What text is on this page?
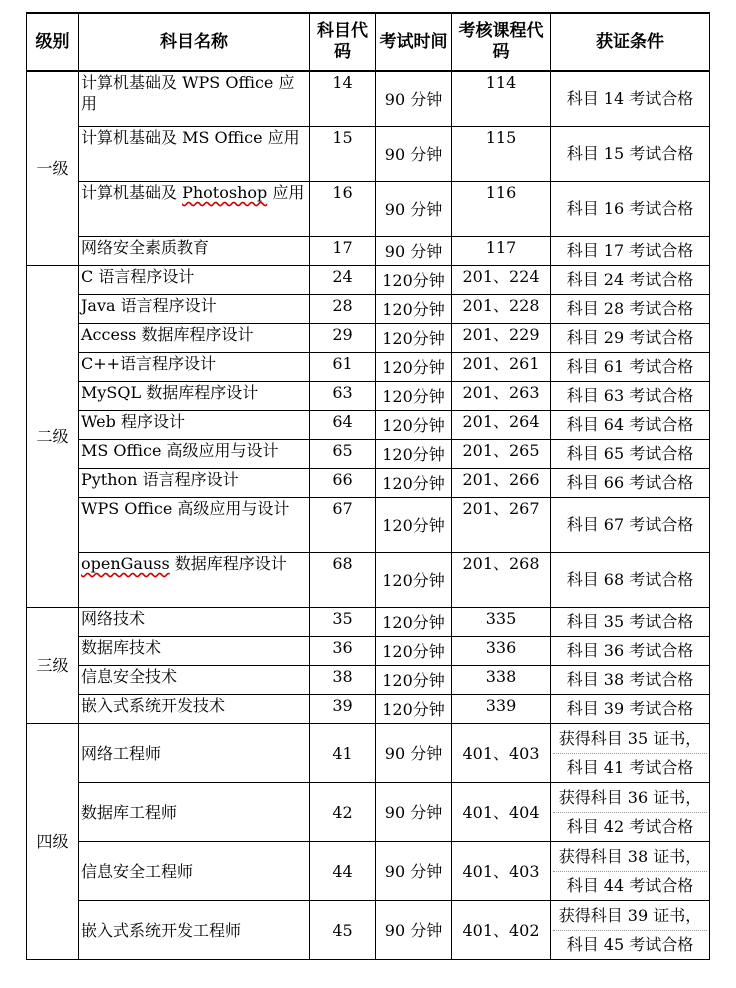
级别	科目名称	科目代码	考试时间	考核课程代码	获证条件
一级	计算机基础及 WPS Office 应用	14	90 分钟	114	科目 14 考试合格

	计算机基础及 MS Office 应用	15	90 分钟	115	科目 15 考试合格

	计算机基础及 Photoshop 应用	16	90 分钟	116	科目 16 考试合格

	网络安全素质教育	17	90 分钟	117	科目 17 考试合格

二级	C 语言程序设计	24	120分钟	201、224	科目 24 考试合格

	Java 语言程序设计	28	120分钟	201、228	科目 28 考试合格

	Access 数据库程序设计	29	120分钟	201、229	科目 29 考试合格

	C++语言程序设计	61	120分钟	201、261	科目 61 考试合格

	MySQL 数据库程序设计	63	120分钟	201、263	科目 63 考试合格

	Web 程序设计	64	120分钟	201、264	科目 64 考试合格

	MS Office 高级应用与设计	65	120分钟	201、265	科目 65 考试合格

	Python 语言程序设计	66	120分钟	201、266	科目 66 考试合格

	WPS Office 高级应用与设计	67	120分钟	201、267	科目 67 考试合格

	openGauss 数据库程序设计	68	120分钟	201、268	科目 68 考试合格

三级	网络技术	35	120分钟	335	科目 35 考试合格

	数据库技术	36	120分钟	336	科目 36 考试合格

	信息安全技术	38	120分钟	338	科目 38 考试合格

	嵌入式系统开发技术	39	120分钟	339	科目 39 考试合格

四级	网络工程师	41	90 分钟	401、403	获得科目 35 证书，
科目 41 考试合格

	数据库工程师	42	90 分钟	401、404	获得科目 36 证书，
科目 42 考试合格

	信息安全工程师	44	90 分钟	401、403	获得科目 38 证书，
科目 44 考试合格

	嵌入式系统开发工程师	45	90 分钟	401、402	获得科目 39 证书，
科目 45 考试合格
